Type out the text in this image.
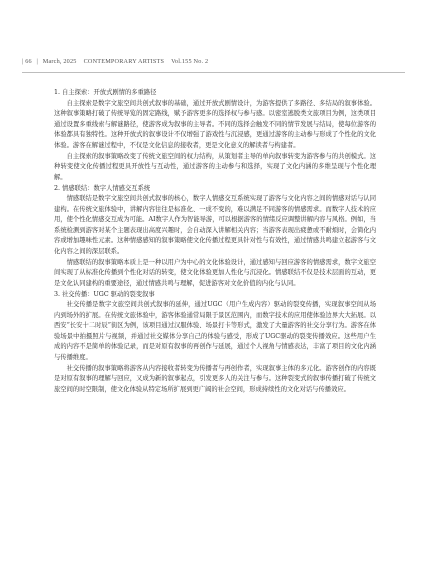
| 66 | March, 2025 CONTEMPORARY ARTISTS Vol.155 No. 2

1. 自主探索：开放式剧情的多重路径

自主探索是数字文旅空间共创式叙事的基础，通过开放式剧情设计，为游客提供了多路径、多结局的叙事体验。这种叙事策略打破了传统导览的固定路线，赋予游客更多的选择权与参与感。以密室逃脱类文旅项目为例，这类项目通过设置多重线索与解谜路径，使游客成为叙事的主导者。不同的选择会触发不同的情节发展与结局，使每位游客的体验都具有独特性。这种开放式的叙事设计不仅增强了游戏性与沉浸感，更通过游客的主动参与形成了个性化的文化体验。游客在解谜过程中，不仅是文化信息的接收者，更是文化意义的解读者与构建者。

自主探索的叙事策略改变了传统文旅空间的权力结构，从策划者主导的单向叙事转变为游客参与的共创模式。这种转变使文化传播过程更具开放性与互动性，通过游客的主动参与和选择，实现了文化内涵的多维呈现与个性化理解。

2. 情感联结：数字人情感交互系统

情感联结是数字文旅空间共创式叙事的核心，数字人情感交互系统实现了游客与文化内容之间的情感对话与认同建构。在传统文旅体验中，讲解内容往往是标准化、一成不变的，难以满足不同游客的情感需求。而数字人技术的应用，使个性化情感交互成为可能。AI数字人作为智能导游，可以根据游客的情绪反应调整讲解内容与风格。例如，当系统检测到游客对某个主题表现出高度兴趣时，会自动深入讲解相关内容；当游客表现出疲惫或不耐烦时，会简化内容或增加趣味性元素。这种情感感知的叙事策略使文化传播过程更具针对性与有效性，通过情感共鸣建立起游客与文化内容之间的深层联系。

情感联结的叙事策略本质上是一种以用户为中心的文化体验设计，通过感知与回应游客的情感需求，数字文旅空间实现了从标准化传播到个性化对话的转变，使文化体验更加人性化与沉浸化。情感联结不仅是技术层面的互动，更是文化认同建构的重要途径，通过情感共鸣与理解，促进游客对文化价值的内化与认同。

3. 社交传播：UGC 驱动的裂变叙事

社交传播是数字文旅空间共创式叙事的延伸，通过UGC（用户生成内容）驱动的裂变传播，实现叙事空间从场内到场外的扩展。在传统文旅体验中，游客体验通常局限于景区范围内，而数字技术的应用使体验边界大大拓展。以西安“长安十二时辰”街区为例，该项目通过汉服体验、场景打卡等形式，激发了大量游客的社交分享行为。游客在体验场景中拍摄照片与视频，并通过社交媒体分享自己的体验与感受，形成了UGC驱动的裂变传播效应。这些用户生成的内容不是简单的体验记录，而是对原有叙事的再创作与延展，通过个人视角与情感表达，丰富了项目的文化内涵与传播维度。

社交传播的叙事策略将游客从内容接收者转变为传播者与再创作者，实现叙事主体的多元化。游客创作的内容既是对原有叙事的理解与回应，又成为新的叙事起点，引发更多人的关注与参与。这种裂变式的叙事传播打破了传统文旅空间的时空限制，使文化体验从特定场所扩展到更广阔的社会空间，形成持续性的文化对话与传播效应。
